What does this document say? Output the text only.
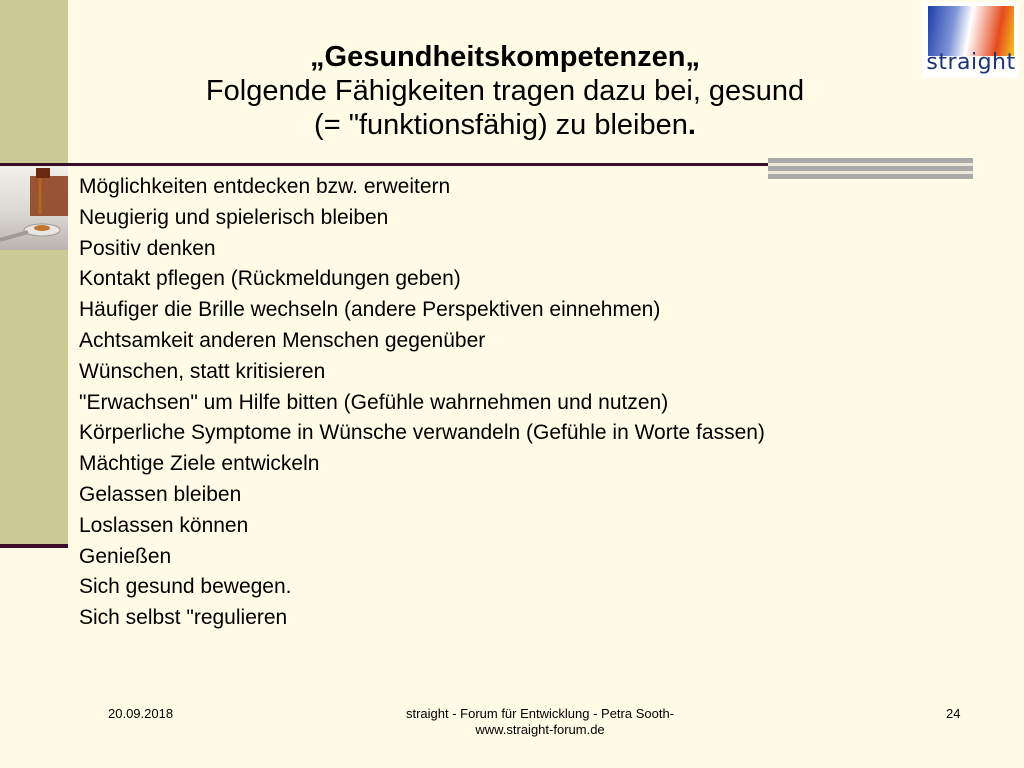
„Gesundheitskompetenzen„
Folgende Fähigkeiten tragen dazu bei, gesund
(= "funktionsfähig) zu bleiben.
straight
Möglichkeiten entdecken bzw. erweitern
Neugierig und spielerisch bleiben
Positiv denken
Kontakt pflegen (Rückmeldungen geben)
Häufiger die Brille wechseln (andere Perspektiven einnehmen)
Achtsamkeit anderen Menschen gegenüber
Wünschen, statt kritisieren
"Erwachsen" um Hilfe bitten (Gefühle wahrnehmen und nutzen)
Körperliche Symptome in Wünsche verwandeln (Gefühle in Worte fassen)
Mächtige Ziele entwickeln
Gelassen bleiben
Loslassen können
Genießen
Sich gesund bewegen.
Sich selbst "regulieren
20.09.2018	straight - Forum für Entwicklung - Petra Sooth-
www.straight-forum.de
24
